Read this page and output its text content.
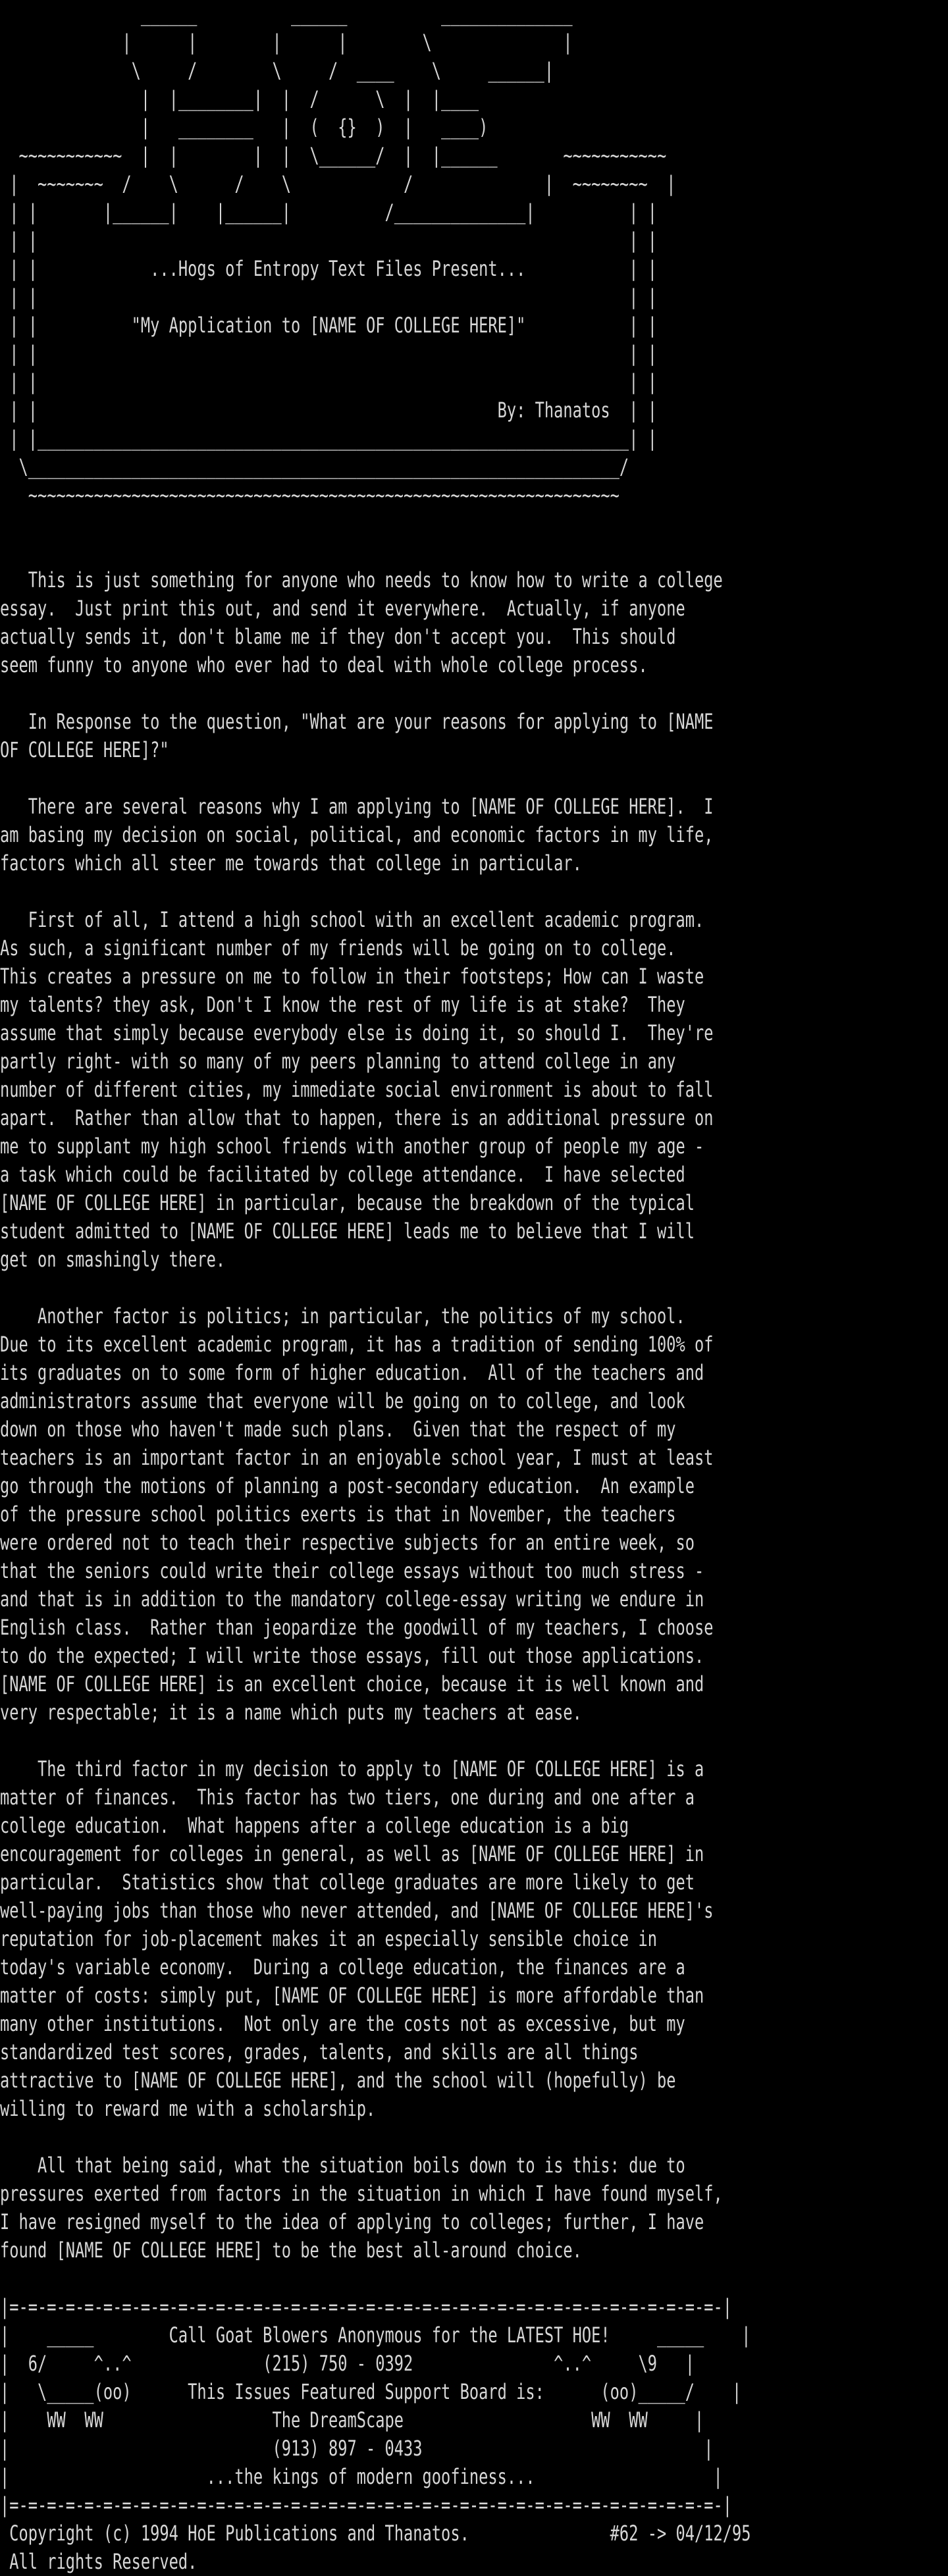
______          ______          ______________
|      |        |      |        \              |
\     /        \     /  ____    \     ______|
|  |________|  |  /      \  |  |____
|   ________   |  (  {}  )  |   ____)
~~~~~~~~~~~  |  |        |  |  \______/  |  |______       ~~~~~~~~~~~
|  ~~~~~~~  /    \      /    \            /              |  ~~~~~~~~  |
| |       |______|    |______|          /______________|          | |
| |                                                               | |
| |            ...Hogs of Entropy Text Files Present...           | |
| |                                                               | |
| |          "My Application to [NAME OF COLLEGE HERE]"           | |
| |                                                               | |
| |                                                               | |
| |                                                 By: Thanatos  | |
| |_______________________________________________________________| |
\_______________________________________________________________/
~~~~~~~~~~~~~~~~~~~~~~~~~~~~~~~~~~~~~~~~~~~~~~~~~~~~~~~~~~~~~~~

This is just something for anyone who needs to know how to write a college
essay.  Just print this out, and send it everywhere.  Actually, if anyone
actually sends it, don't blame me if they don't accept you.  This should
seem funny to anyone who ever had to deal with whole college process.

In Response to the question, "What are your reasons for applying to [NAME
OF COLLEGE HERE]?"

There are several reasons why I am applying to [NAME OF COLLEGE HERE].  I
am basing my decision on social, political, and economic factors in my life,
factors which all steer me towards that college in particular.

First of all, I attend a high school with an excellent academic program.
As such, a significant number of my friends will be going on to college.
This creates a pressure on me to follow in their footsteps; How can I waste
my talents? they ask, Don't I know the rest of my life is at stake?  They
assume that simply because everybody else is doing it, so should I.  They're
partly right- with so many of my peers planning to attend college in any
number of different cities, my immediate social environment is about to fall
apart.  Rather than allow that to happen, there is an additional pressure on
me to supplant my high school friends with another group of people my age -
a task which could be facilitated by college attendance.  I have selected
[NAME OF COLLEGE HERE] in particular, because the breakdown of the typical
student admitted to [NAME OF COLLEGE HERE] leads me to believe that I will
get on smashingly there.

Another factor is politics; in particular, the politics of my school.
Due to its excellent academic program, it has a tradition of sending 100% of
its graduates on to some form of higher education.  All of the teachers and
administrators assume that everyone will be going on to college, and look
down on those who haven't made such plans.  Given that the respect of my
teachers is an important factor in an enjoyable school year, I must at least
go through the motions of planning a post-secondary education.  An example
of the pressure school politics exerts is that in November, the teachers
were ordered not to teach their respective subjects for an entire week, so
that the seniors could write their college essays without too much stress -
and that is in addition to the mandatory college-essay writing we endure in
English class.  Rather than jeopardize the goodwill of my teachers, I choose
to do the expected; I will write those essays, fill out those applications.
[NAME OF COLLEGE HERE] is an excellent choice, because it is well known and
very respectable; it is a name which puts my teachers at ease.

The third factor in my decision to apply to [NAME OF COLLEGE HERE] is a
matter of finances.  This factor has two tiers, one during and one after a
college education.  What happens after a college education is a big
encouragement for colleges in general, as well as [NAME OF COLLEGE HERE] in
particular.  Statistics show that college graduates are more likely to get
well-paying jobs than those who never attended, and [NAME OF COLLEGE HERE]'s
reputation for job-placement makes it an especially sensible choice in
today's variable economy.  During a college education, the finances are a
matter of costs: simply put, [NAME OF COLLEGE HERE] is more affordable than
many other institutions.  Not only are the costs not as excessive, but my
standardized test scores, grades, talents, and skills are all things
attractive to [NAME OF COLLEGE HERE], and the school will (hopefully) be
willing to reward me with a scholarship.

All that being said, what the situation boils down to is this: due to
pressures exerted from factors in the situation in which I have found myself,
I have resigned myself to the idea of applying to colleges; further, I have
found [NAME OF COLLEGE HERE] to be the best all-around choice.

|=-=-=-=-=-=-=-=-=-=-=-=-=-=-=-=-=-=-=-=-=-=-=-=-=-=-=-=-=-=-=-=-=-=-=-=-=-=-|
|    _____        Call Goat Blowers Anonymous for the LATEST HOE!     _____    |
|  6/     ^..^              (215) 750 - 0392               ^..^     \9   |
|   \_____(oo)      This Issues Featured Support Board is:      (oo)_____/    |
|    WW  WW                  The DreamScape                    WW  WW     |
|                            (913) 897 - 0433                              |
|                     ...the kings of modern goofiness...                   |
|=-=-=-=-=-=-=-=-=-=-=-=-=-=-=-=-=-=-=-=-=-=-=-=-=-=-=-=-=-=-=-=-=-=-=-=-=-=-|
Copyright (c) 1994 HoE Publications and Thanatos.               #62 -> 04/12/95
All rights Reserved.
